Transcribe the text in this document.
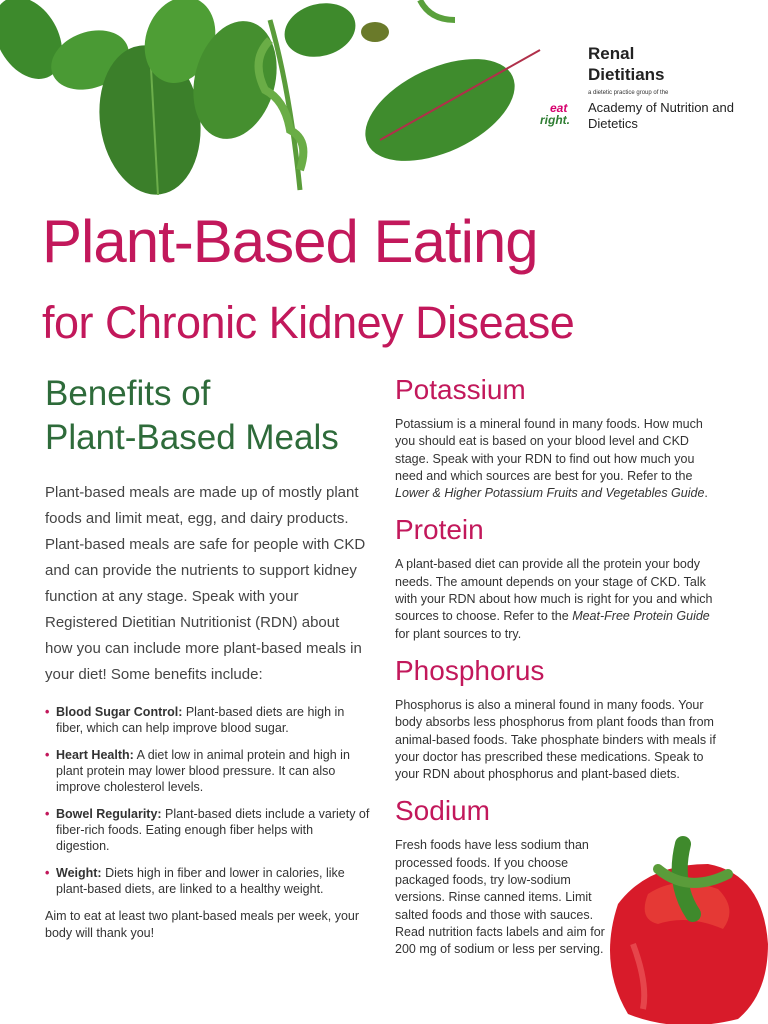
Renal
Dietitians
a dietetic practice group of the
eat
right.
Academy of Nutrition and Dietetics
Plant-Based Eating
for Chronic Kidney Disease
Benefits of
Plant-Based Meals

Plant-based meals are made up of mostly plant foods and limit meat, egg, and dairy products. Plant-based meals are safe for people with CKD and can provide the nutrients to support kidney function at any stage. Speak with your Registered Dietitian Nutritionist (RDN) about how you can include more plant-based meals in your diet! Some benefits include:

• Blood Sugar Control: Plant-based diets are high in fiber, which can help improve blood sugar.
• Heart Health: A diet low in animal protein and high in plant protein may lower blood pressure. It can also improve cholesterol levels.
• Bowel Regularity: Plant-based diets include a variety of fiber-rich foods. Eating enough fiber helps with digestion.
• Weight: Diets high in fiber and lower in calories, like plant-based diets, are linked to a healthy weight.

Aim to eat at least two plant-based meals per week, your body will thank you!

Potassium

Potassium is a mineral found in many foods. How much you should eat is based on your blood level and CKD stage. Speak with your RDN to find out how much you need and which sources are best for you. Refer to the Lower & Higher Potassium Fruits and Vegetables Guide.

Protein

A plant-based diet can provide all the protein your body needs. The amount depends on your stage of CKD. Talk with your RDN about how much is right for you and which sources to choose. Refer to the Meat-Free Protein Guide for plant sources to try.

Phosphorus

Phosphorus is also a mineral found in many foods. Your body absorbs less phosphorus from plant foods than from animal-based foods. Take phosphate binders with meals if your doctor has prescribed these medications. Speak to your RDN about phosphorus and plant-based diets.

Sodium

Fresh foods have less sodium than processed foods. If you choose packaged foods, try low-sodium versions. Rinse canned items. Limit salted foods and those with sauces. Read nutrition facts labels and aim for 200 mg of sodium or less per serving.
